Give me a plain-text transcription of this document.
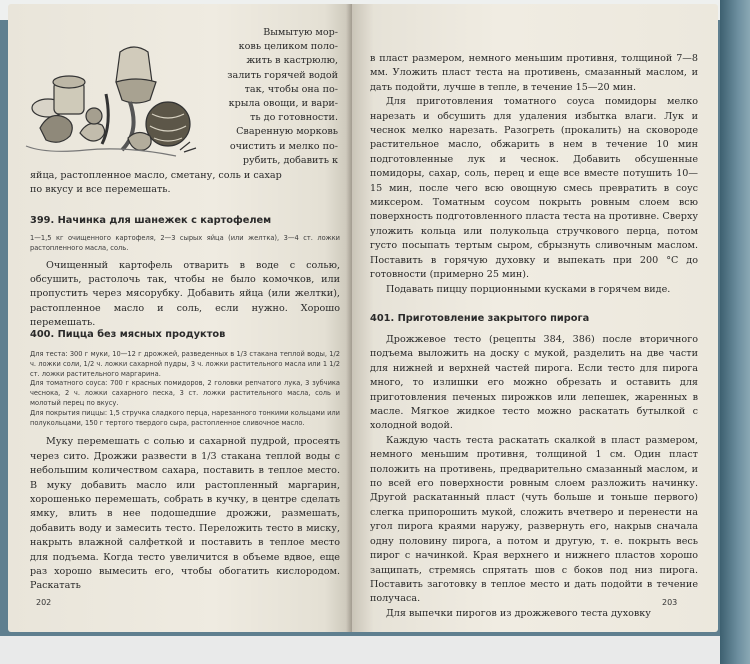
Вымытую мор-
ковь целиком поло-
жить в кастрюлю,
залить горячей водой
так, чтобы она по-
крыла овощи, и вари-
ть до готовности.
Сваренную морковь
очистить и мелко по-
рубить, добавить к

яйца, растопленное масло, сметану, соль и сахар

по вкусу и все перемешать.

399. Начинка для шанежек с картофелем

1—1,5 кг очищенного картофеля, 2—3 сырых яйца (или желтка), 3—4 ст. ложки растопленного масла, соль.

Очищенный картофель отварить в воде с солью, обсушить, растолочь так, чтобы не было комочков, или пропустить через мясорубку. Добавить яйца (или желтки), растопленное масло и соль, если нужно. Хорошо перемешать.

400. Пицца без мясных продуктов

Для теста: 300 г муки, 10—12 г дрожжей, разведенных в 1/3 стакана теплой воды, 1/2 ч. ложки соли, 1/2 ч. ложки сахарной пудры, 3 ч. ложки растительного масла или 1 1/2 ст. ложки растительного маргарина.

Для томатного соуса: 700 г красных помидоров, 2 головки репчатого лука, 3 зубчика чеснока, 2 ч. ложки сахарного песка, 3 ст. ложки растительного масла, соль и молотый перец по вкусу.

Для покрытия пиццы: 1,5 стручка сладкого перца, нарезанного тонкими кольцами или полукольцами, 150 г тертого твердого сыра, растопленное сливочное масло.

Муку перемешать с солью и сахарной пудрой, просеять через сито. Дрожжи развести в 1/3 стакана теплой воды с небольшим количеством сахара, поставить в теплое место. В муку добавить масло или растопленный маргарин, хорошенько перемешать, собрать в кучку, в центре сделать ямку, влить в нее подошедшие дрожжи, размешать, добавить воду и замесить тесто. Переложить тесто в миску, накрыть влажной салфеткой и поставить в теплое место для подъема. Когда тесто увеличится в объеме вдвое, еще раз хорошо вымесить его, чтобы обогатить кислородом. Раскатать

202

в пласт размером, немного меньшим противня, толщиной 7—8 мм. Уложить пласт теста на противень, смазанный маслом, и дать подойти, лучше в тепле, в течение 15—20 мин.

Для приготовления томатного соуса помидоры мелко нарезать и обсушить для удаления избытка влаги. Лук и чеснок мелко нарезать. Разогреть (прокалить) на сковороде растительное масло, обжарить в нем в течение 10 мин подготовленные лук и чеснок. Добавить обсушенные помидоры, сахар, соль, перец и еще все вместе потушить 10—15 мин, после чего всю овощную смесь превратить в соус миксером. Томатным соусом покрыть ровным слоем всю поверхность подготовленного пласта теста на противне. Сверху уложить кольца или полукольца стручкового перца, потом густо посыпать тертым сыром, сбрызнуть сливочным маслом. Поставить в горячую духовку и выпекать при 200 °С до готовности (примерно 25 мин).

Подавать пиццу порционными кусками в горячем виде.

401. Приготовление закрытого пирога

Дрожжевое тесто (рецепты 384, 386) после вторичного подъема выложить на доску с мукой, разделить на две части для нижней и верхней частей пирога. Если тесто для пирога много, то излишки его можно обрезать и оставить для приготовления печеных пирожков или лепешек, жаренных в масле. Мягкое жидкое тесто можно раскатать бутылкой с холодной водой.

Каждую часть теста раскатать скалкой в пласт размером, немного меньшим противня, толщиной 1 см. Один пласт положить на противень, предварительно смазанный маслом, и по всей его поверхности ровным слоем разложить начинку. Другой раскатанный пласт (чуть больше и тоньше первого) слегка припорошить мукой, сложить вчетверо и перенести на угол пирога краями наружу, развернуть его, накрыв сначала одну половину пирога, а потом и другую, т. е. покрыть весь пирог с начинкой. Края верхнего и нижнего пластов хорошо защипать, стремясь спрятать шов с боков под низ пирога. Поставить заготовку в теплое место и дать подойти в течение получаса.

Для выпечки пирогов из дрожжевого теста духовку

203
